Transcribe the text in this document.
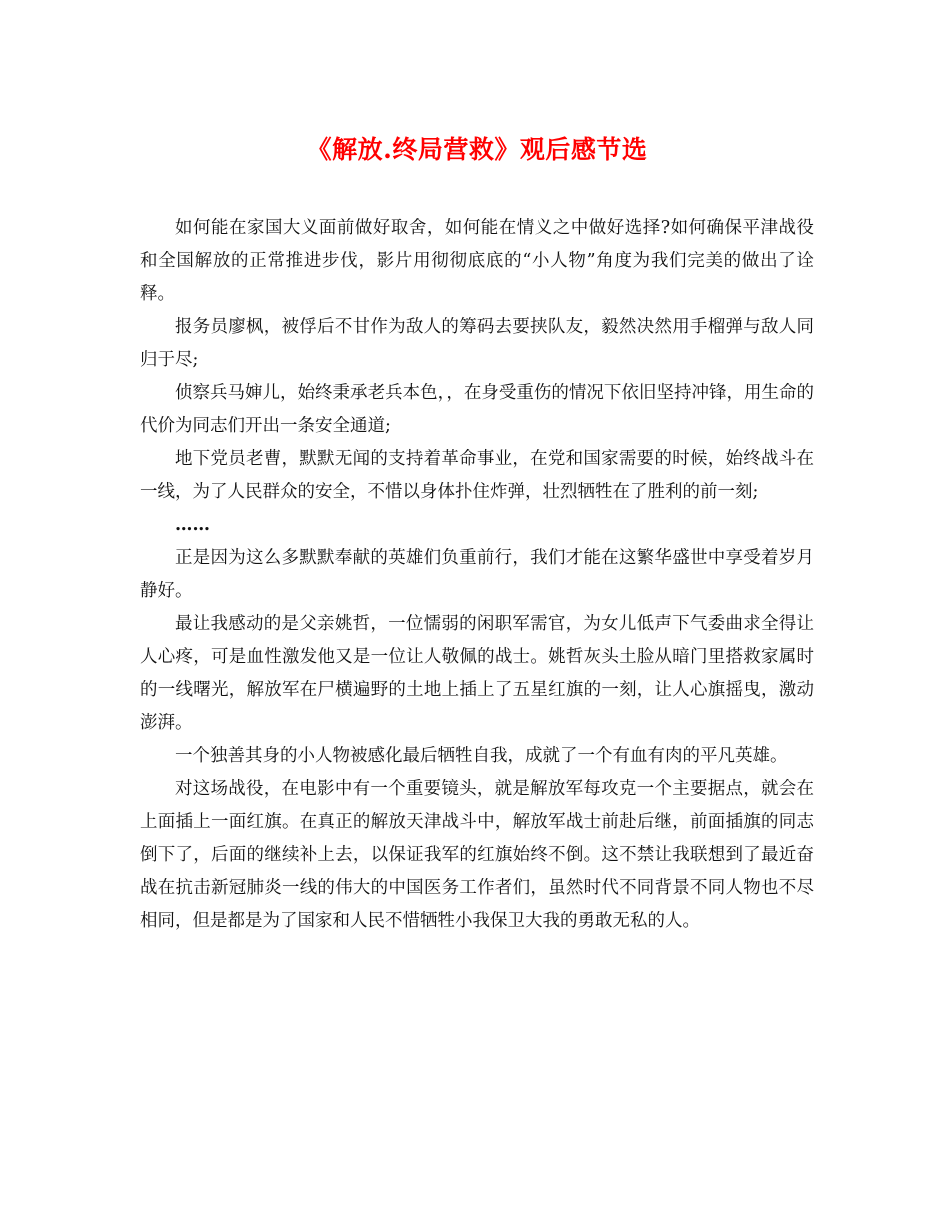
《解放.终局营救》观后感节选

如何能在家国大义面前做好取舍，如何能在情义之中做好选择?如何确保平津战役和全国解放的正常推进步伐，影片用彻彻底底的“小人物”角度为我们完美的做出了诠释。

报务员廖枫，被俘后不甘作为敌人的筹码去要挟队友，毅然决然用手榴弹与敌人同归于尽;

侦察兵马婶儿，始终秉承老兵本色，，在身受重伤的情况下依旧坚持冲锋，用生命的代价为同志们开出一条安全通道;

地下党员老曹，默默无闻的支持着革命事业，在党和国家需要的时候，始终战斗在一线，为了人民群众的安全，不惜以身体扑住炸弹，壮烈牺牲在了胜利的前一刻;

……

正是因为这么多默默奉献的英雄们负重前行，我们才能在这繁华盛世中享受着岁月静好。

最让我感动的是父亲姚哲，一位懦弱的闲职军需官，为女儿低声下气委曲求全得让人心疼，可是血性激发他又是一位让人敬佩的战士。姚哲灰头土脸从暗门里搭救家属时的一线曙光，解放军在尸横遍野的土地上插上了五星红旗的一刻，让人心旗摇曳，激动澎湃。

一个独善其身的小人物被感化最后牺牲自我，成就了一个有血有肉的平凡英雄。

对这场战役，在电影中有一个重要镜头，就是解放军每攻克一个主要据点，就会在上面插上一面红旗。在真正的解放天津战斗中，解放军战士前赴后继，前面插旗的同志倒下了，后面的继续补上去，以保证我军的红旗始终不倒。这不禁让我联想到了最近奋战在抗击新冠肺炎一线的伟大的中国医务工作者们，虽然时代不同背景不同人物也不尽相同，但是都是为了国家和人民不惜牺牲小我保卫大我的勇敢无私的人。
